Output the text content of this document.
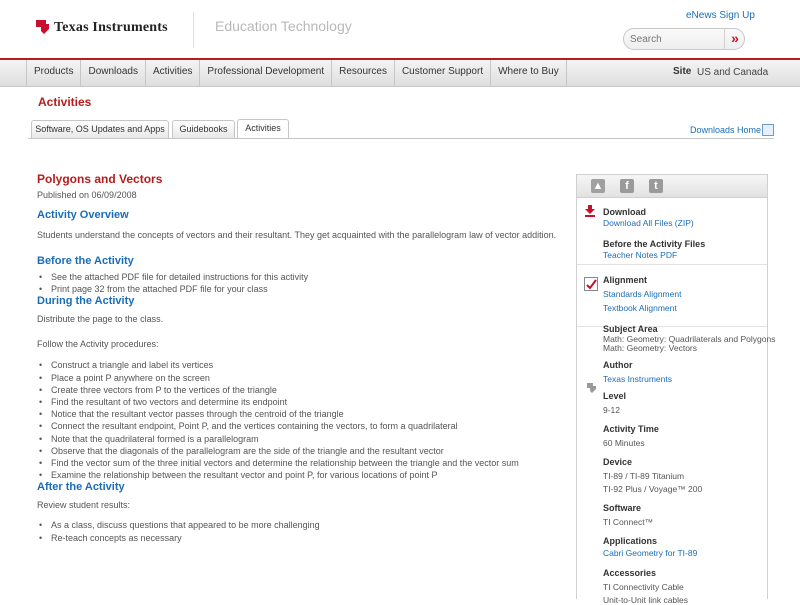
Texas Instruments	Education Technology
eNews Sign Up
Search
»
Products	Downloads	Activities	Professional Development	Resources	Customer Support	Where to Buy	Site US and Canada
Activities
Software, OS Updates and Apps	Guidebooks	Activities	Downloads Home
Polygons and Vectors
Published on 06/09/2008
Activity Overview

Students understand the concepts of vectors and their resultant. They get acquainted with the parallelogram law of vector addition.

Before the Activity
• See the attached PDF file for detailed instructions for this activity
• Print page 32 from the attached PDF file for your class
During the Activity

Distribute the page to the class.

Follow the Activity procedures:

• Construct a triangle and label its vertices
• Place a point P anywhere on the screen
• Create three vectors from P to the vertices of the triangle
• Find the resultant of two vectors and determine its endpoint
• Notice that the resultant vector passes through the centroid of the triangle
• Connect the resultant endpoint, Point P, and the vertices containing the vectors, to form a quadrilateral
• Note that the quadrilateral formed is a parallelogram
• Observe that the diagonals of the parallelogram are the side of the triangle and the resultant vector
• Find the vector sum of the three initial vectors and determine the relationship between the triangle and the vector sum
• Examine the relationship between the resultant vector and point P, for various locations of point P
After the Activity

Review student results:

• As a class, discuss questions that appeared to be more challenging
• Re-teach concepts as necessary
▲	f	t
Download
Download All Files (ZIP)
Before the Activity Files
Teacher Notes PDF
Alignment
Standards Alignment
Textbook Alignment
Subject Area
Math: Geometry: Quadrilaterals and Polygons
Math: Geometry: Vectors
Author
Texas Instruments
Level
9-12
Activity Time
60 Minutes
Device
TI-89 / TI-89 Titanium
TI-92 Plus / Voyage™ 200
Software
TI Connect™
Applications
Cabri Geometry for TI-89
Accessories
TI Connectivity Cable
Unit-to-Unit link cables
